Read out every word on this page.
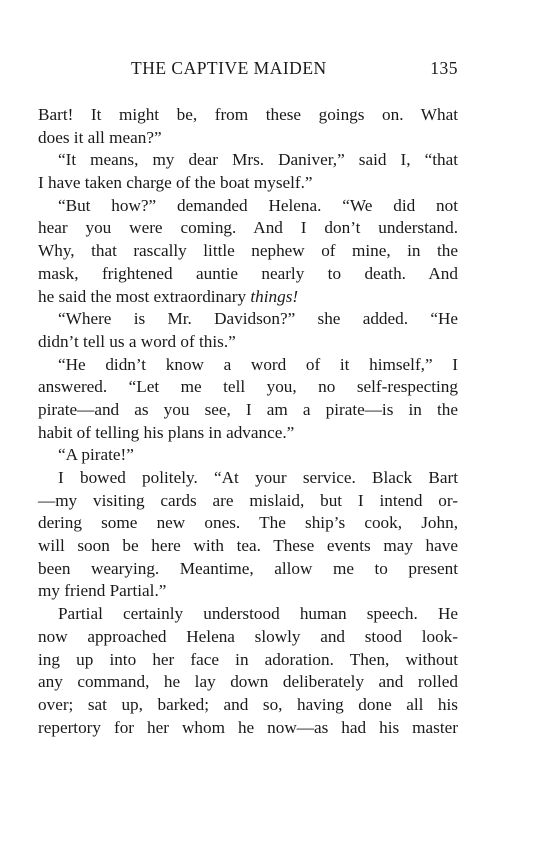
THE CAPTIVE MAIDEN	135
Bart! It might be, from these goings on. What
does it all mean?”
“It means, my dear Mrs. Daniver,” said I, “that
I have taken charge of the boat myself.”
“But how?” demanded Helena. “We did not
hear you were coming. And I don’t understand.
Why, that rascally little nephew of mine, in the
mask, frightened auntie nearly to death. And
he said the most extraordinary things!
“Where is Mr. Davidson?” she added. “He
didn’t tell us a word of this.”
“He didn’t know a word of it himself,” I
answered. “Let me tell you, no self-respecting
pirate—and as you see, I am a pirate—is in the
habit of telling his plans in advance.”
“A pirate!”
I bowed politely. “At your service. Black Bart
—my visiting cards are mislaid, but I intend or-
dering some new ones. The ship’s cook, John,
will soon be here with tea. These events may have
been wearying. Meantime, allow me to present
my friend Partial.”
Partial certainly understood human speech. He
now approached Helena slowly and stood look-
ing up into her face in adoration. Then, without
any command, he lay down deliberately and rolled
over; sat up, barked; and so, having done all his
repertory for her whom he now—as had his master
